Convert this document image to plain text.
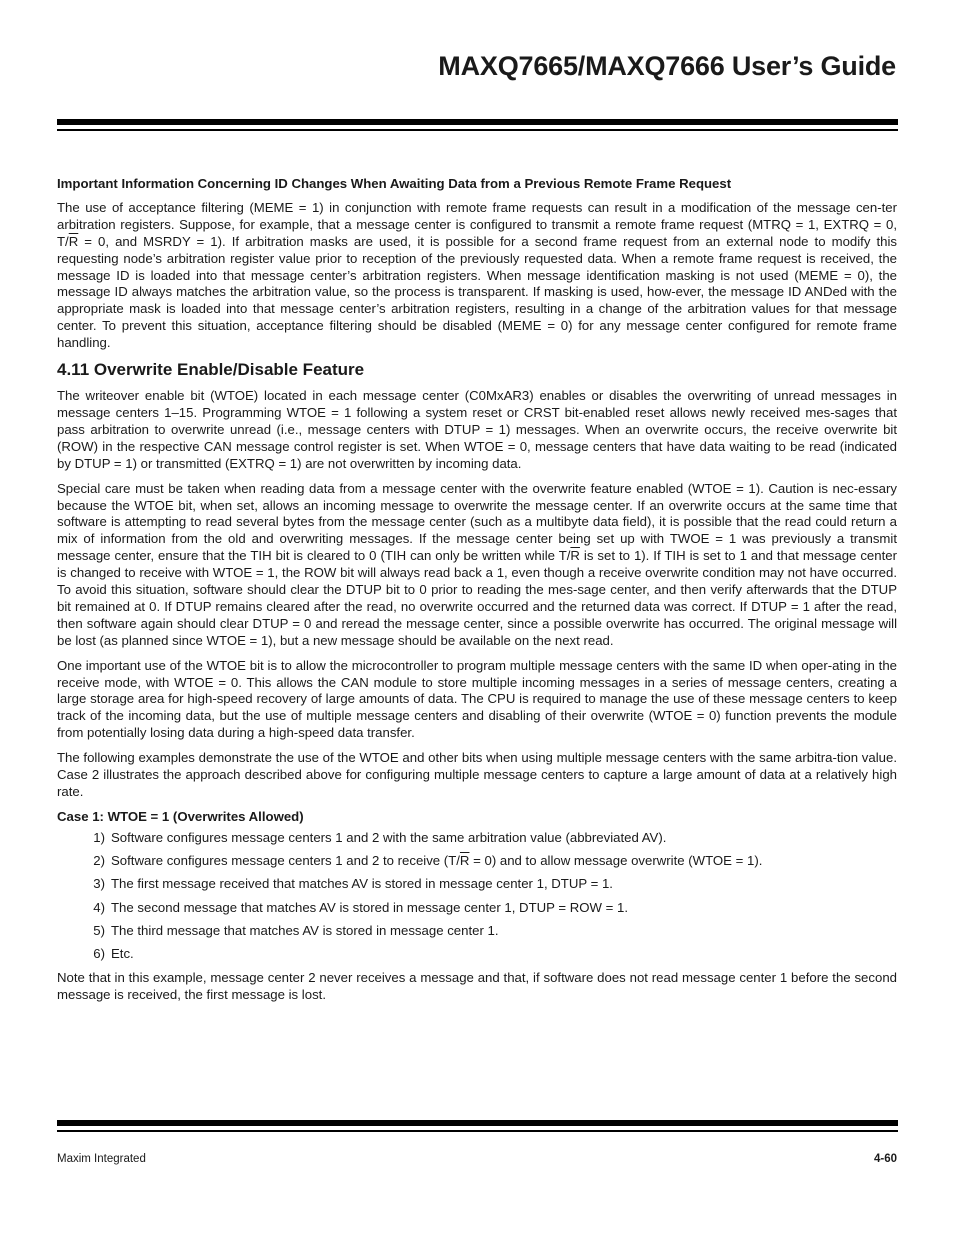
MAXQ7665/MAXQ7666 User’s Guide
Important Information Concerning ID Changes When Awaiting Data from a Previous Remote Frame Request

The use of acceptance filtering (MEME = 1) in conjunction with remote frame requests can result in a modification of the message cen-ter arbitration registers. Suppose, for example, that a message center is configured to transmit a remote frame request (MTRQ = 1, EXTRQ = 0, $T/\overline{R} = 0$, and MSRDY = 1). If arbitration masks are used, it is possible for a second frame request from an external node to modify this requesting node’s arbitration register value prior to reception of the previously requested data. When a remote frame request is received, the message ID is loaded into that message center’s arbitration registers. When message identification masking is not used (MEME = 0), the message ID always matches the arbitration value, so the process is transparent. If masking is used, how-ever, the message ID ANDed with the appropriate mask is loaded into that message center’s arbitration registers, resulting in a change of the arbitration values for that message center. To prevent this situation, acceptance filtering should be disabled (MEME = 0) for any message center configured for remote frame handling.

4.11 Overwrite Enable/Disable Feature

The writeover enable bit (WTOE) located in each message center (C0MxAR3) enables or disables the overwriting of unread messages in message centers 1–15. Programming WTOE = 1 following a system reset or CRST bit-enabled reset allows newly received mes-sages that pass arbitration to overwrite unread (i.e., message centers with DTUP = 1) messages. When an overwrite occurs, the receive overwrite bit (ROW) in the respective CAN message control register is set. When WTOE = 0, message centers that have data waiting to be read (indicated by DTUP = 1) or transmitted (EXTRQ = 1) are not overwritten by incoming data.

Special care must be taken when reading data from a message center with the overwrite feature enabled (WTOE = 1). Caution is nec-essary because the WTOE bit, when set, allows an incoming message to overwrite the message center. If an overwrite occurs at the same time that software is attempting to read several bytes from the message center (such as a multibyte data field), it is possible that the read could return a mix of information from the old and overwriting messages. If the message center being set up with TWOE = 1 was previously a transmit message center, ensure that the TIH bit is cleared to 0 (TIH can only be written while $T/\overline{R}$ is set to 1). If TIH is set to 1 and that message center is changed to receive with WTOE = 1, the ROW bit will always read back a 1, even though a receive overwrite condition may not have occurred. To avoid this situation, software should clear the DTUP bit to 0 prior to reading the mes-sage center, and then verify afterwards that the DTUP bit remained at 0. If DTUP remains cleared after the read, no overwrite occurred and the returned data was correct. If DTUP = 1 after the read, then software again should clear DTUP = 0 and reread the message center, since a possible overwrite has occurred. The original message will be lost (as planned since WTOE = 1), but a new message should be available on the next read.

One important use of the WTOE bit is to allow the microcontroller to program multiple message centers with the same ID when oper-ating in the receive mode, with WTOE = 0. This allows the CAN module to store multiple incoming messages in a series of message centers, creating a large storage area for high-speed recovery of large amounts of data. The CPU is required to manage the use of these message centers to keep track of the incoming data, but the use of multiple message centers and disabling of their overwrite (WTOE = 0) function prevents the module from potentially losing data during a high-speed data transfer.

The following examples demonstrate the use of the WTOE and other bits when using multiple message centers with the same arbitra-tion value. Case 2 illustrates the approach described above for configuring multiple message centers to capture a large amount of data at a relatively high rate.

Case 1: WTOE = 1 (Overwrites Allowed)
1) Software configures message centers 1 and 2 with the same arbitration value (abbreviated AV).
2) Software configures message centers 1 and 2 to receive $(T/\overline{R} = 0)$ and to allow message overwrite (WTOE = 1).
3) The first message received that matches AV is stored in message center 1, DTUP = 1.
4) The second message that matches AV is stored in message center 1, DTUP = ROW = 1.
5) The third message that matches AV is stored in message center 1.
6) Etc.

Note that in this example, message center 2 never receives a message and that, if software does not read message center 1 before the second message is received, the first message is lost.

Maxim Integrated	4-60
